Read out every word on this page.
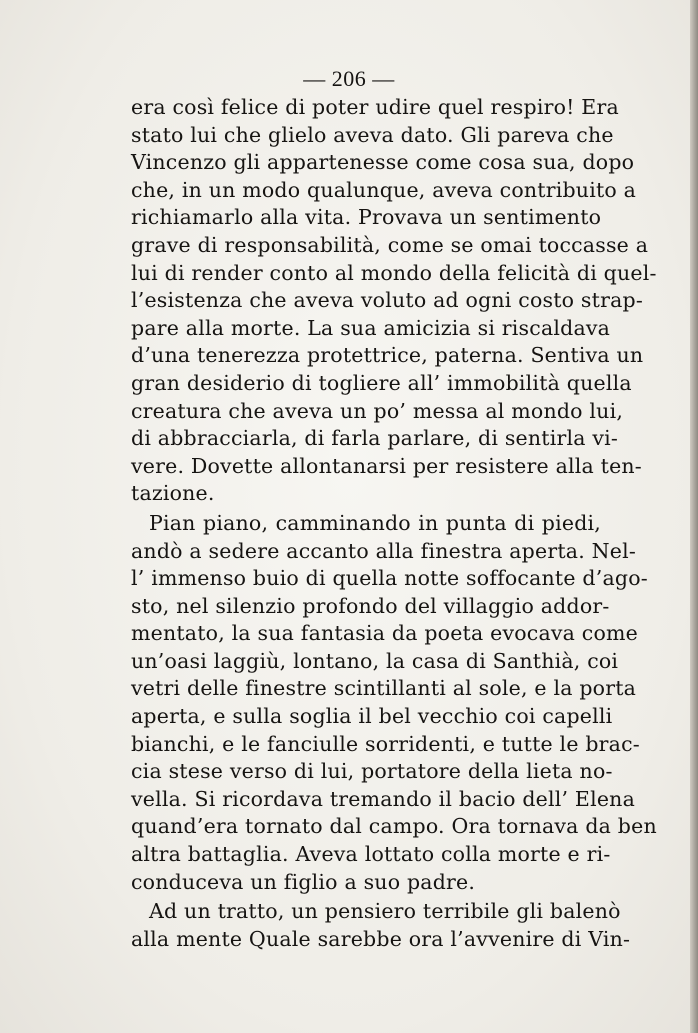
— 206 —
era così felice di poter udire quel respiro! Era
stato lui che glielo aveva dato. Gli pareva che
Vincenzo gli appartenesse come cosa sua, dopo
che, in un modo qualunque, aveva contribuito a
richiamarlo alla vita. Provava un sentimento
grave di responsabilità, come se omai toccasse a
lui di render conto al mondo della felicità di quel-
l’esistenza che aveva voluto ad ogni costo strap-
pare alla morte. La sua amicizia si riscaldava
d’una tenerezza protettrice, paterna. Sentiva un
gran desiderio di togliere all’ immobilità quella
creatura che aveva un po’ messa al mondo lui,
di abbracciarla, di farla parlare, di sentirla vi-
vere. Dovette allontanarsi per resistere alla ten-
tazione.
Pian piano, camminando in punta di piedi,
andò a sedere accanto alla finestra aperta. Nel-
l’ immenso buio di quella notte soffocante d’ago-
sto, nel silenzio profondo del villaggio addor-
mentato, la sua fantasia da poeta evocava come
un’oasi laggiù, lontano, la casa di Santhià, coi
vetri delle finestre scintillanti al sole, e la porta
aperta, e sulla soglia il bel vecchio coi capelli
bianchi, e le fanciulle sorridenti, e tutte le brac-
cia stese verso di lui, portatore della lieta no-
vella. Si ricordava tremando il bacio dell’ Elena
quand’era tornato dal campo. Ora tornava da ben
altra battaglia. Aveva lottato colla morte e ri-
conduceva un figlio a suo padre.
Ad un tratto, un pensiero terribile gli balenò
alla mente Quale sarebbe ora l’avvenire di Vin-
